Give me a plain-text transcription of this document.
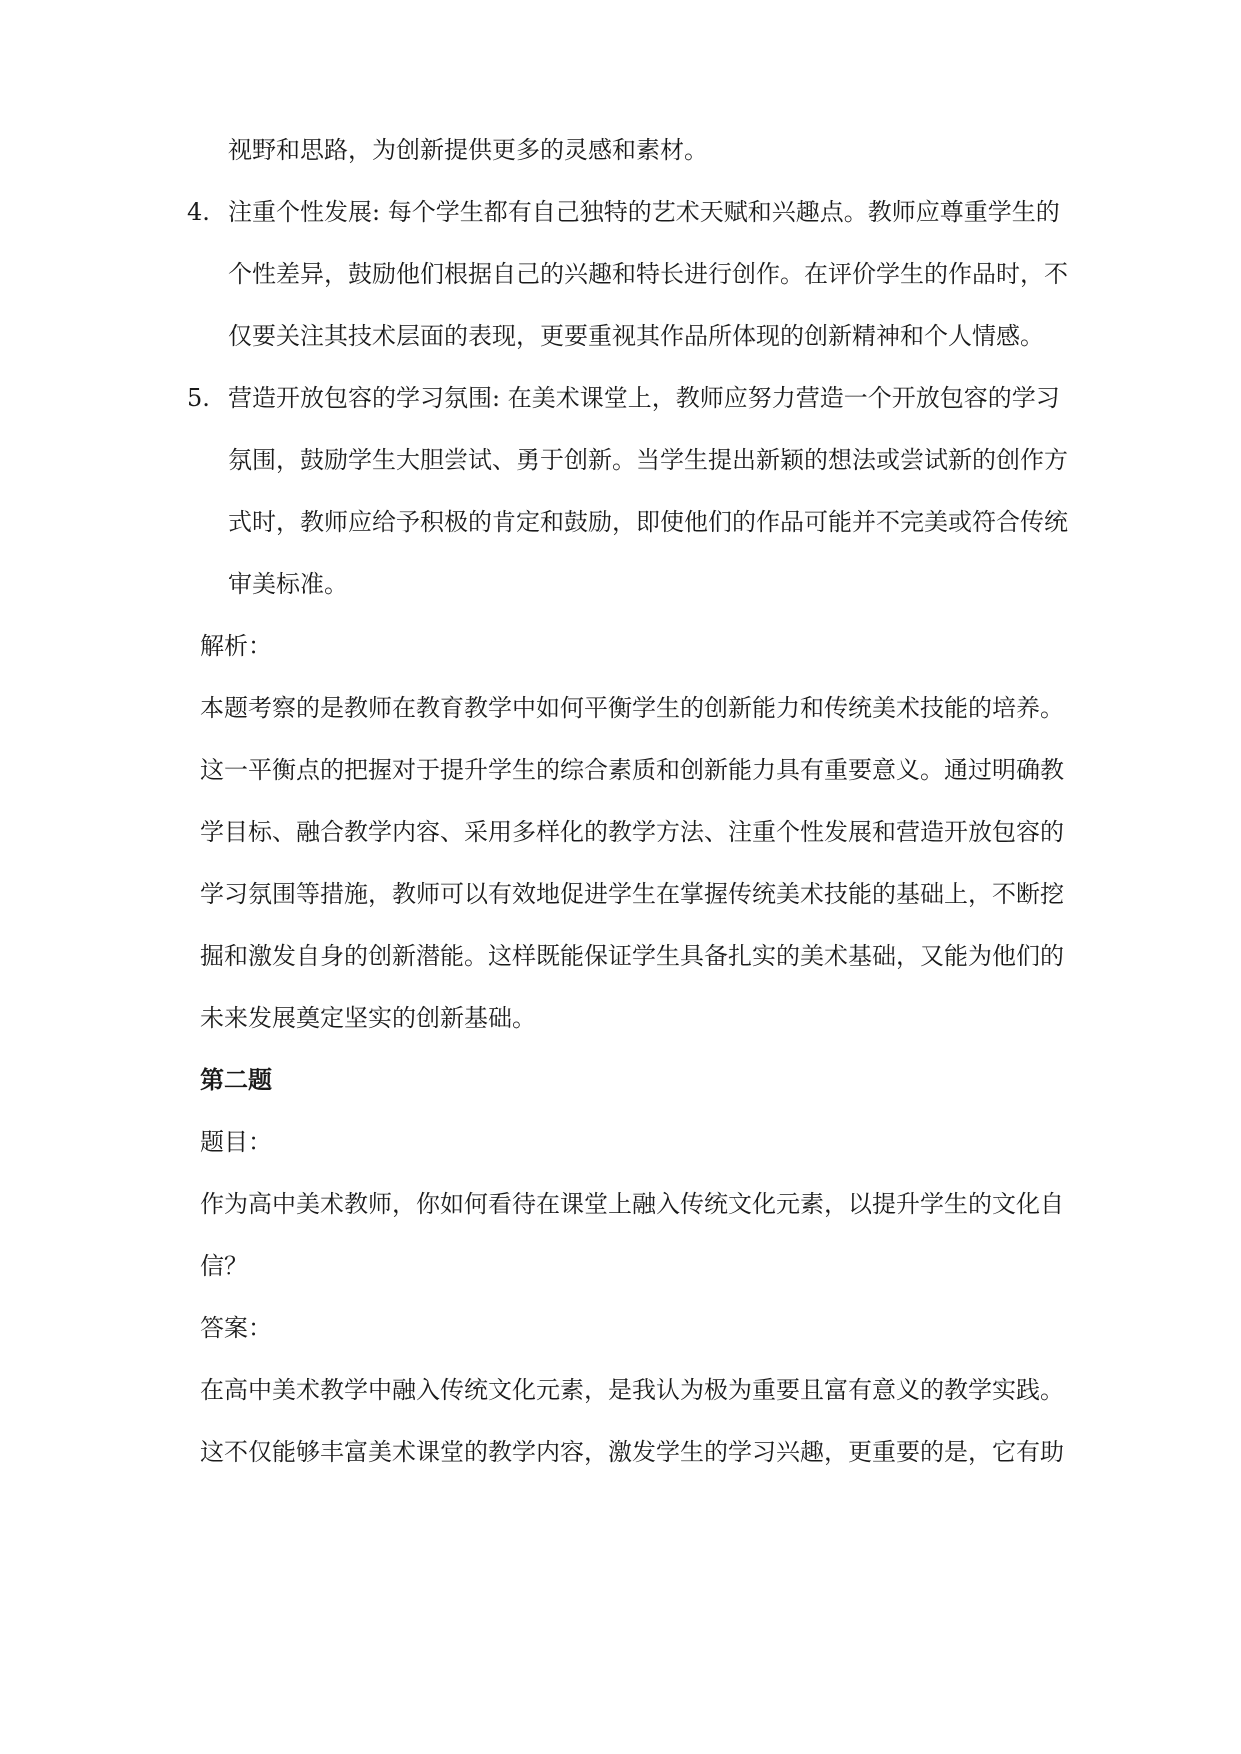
视野和思路，为创新提供更多的灵感和素材。
4. 注重个性发展: 每个学生都有自己独特的艺术天赋和兴趣点。教师应尊重学生的
个性差异，鼓励他们根据自己的兴趣和特长进行创作。在评价学生的作品时，不
仅要关注其技术层面的表现，更要重视其作品所体现的创新精神和个人情感。
5. 营造开放包容的学习氛围: 在美术课堂上，教师应努力营造一个开放包容的学习
氛围，鼓励学生大胆尝试、勇于创新。当学生提出新颖的想法或尝试新的创作方
式时，教师应给予积极的肯定和鼓励，即使他们的作品可能并不完美或符合传统
审美标准。
解析：
本题考察的是教师在教育教学中如何平衡学生的创新能力和传统美术技能的培养。
这一平衡点的把握对于提升学生的综合素质和创新能力具有重要意义。通过明确教
学目标、融合教学内容、采用多样化的教学方法、注重个性发展和营造开放包容的
学习氛围等措施，教师可以有效地促进学生在掌握传统美术技能的基础上，不断挖
掘和激发自身的创新潜能。这样既能保证学生具备扎实的美术基础，又能为他们的
未来发展奠定坚实的创新基础。
第二题
题目：
作为高中美术教师，你如何看待在课堂上融入传统文化元素，以提升学生的文化自
信？
答案：
在高中美术教学中融入传统文化元素，是我认为极为重要且富有意义的教学实践。
这不仅能够丰富美术课堂的教学内容，激发学生的学习兴趣，更重要的是，它有助
